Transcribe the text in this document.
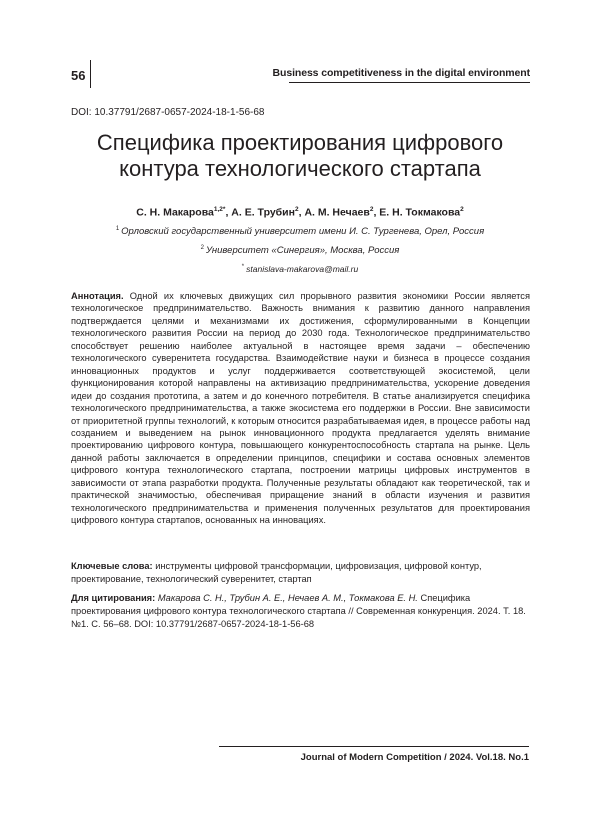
56	Business competitiveness in the digital environment
DOI: 10.37791/2687-0657-2024-18-1-56-68
Специфика проектирования цифрового контура технологического стартапа
С. Н. Макарова$^{1,2*}$, А. Е. Трубин$^2$, А. М. Нечаев$^2$, Е. Н. Токмакова$^2$
$^1$ Орловский государственный университет имени И. С. Тургенева, Орел, Россия
$^2$ Университет «Синергия», Москва, Россия
* stanislava-makarova@mail.ru

Аннотация. Одной их ключевых движущих сил прорывного развития экономики России является технологическое предпринимательство. Важность внимания к развитию данного направления подтверждается целями и механизмами их достижения, сформулированными в Концепции технологического развития России на период до 2030 года. Технологическое предпринимательство способствует решению наиболее актуальной в настоящее время задачи – обеспечению технологического суверенитета государства. Взаимодействие науки и бизнеса в процессе создания инновационных продуктов и услуг поддерживается соответствующей экосистемой, цели функционирования которой направлены на активизацию предпринимательства, ускорение доведения идеи до создания прототипа, а затем и до конечного потребителя. В статье анализируется специфика технологического предпринимательства, а также экосистема его поддержки в России. Вне зависимости от приоритетной группы технологий, к которым относится разрабатываемая идея, в процессе работы над созданием и выведением на рынок инновационного продукта предлагается уделять внимание проектированию цифрового контура, повышающего конкурентоспособность стартапа на рынке. Цель данной работы заключается в определении принципов, специфики и состава основных элементов цифрового контура технологического стартапа, построении матрицы цифровых инструментов в зависимости от этапа разработки продукта. Полученные результаты обладают как теоретической, так и практической значимостью, обеспечивая приращение знаний в области изучения и развития технологического предпринимательства и применения полученных результатов для проектирования цифрового контура стартапов, основанных на инновациях.

Ключевые слова: инструменты цифровой трансформации, цифровизация, цифровой контур, проектирование, технологический суверенитет, стартап

Для цитирования: Макарова С. Н., Трубин А. Е., Нечаев А. М., Токмакова Е. Н. Специфика проектирования цифрового контура технологического стартапа // Современная конкуренция. 2024. Т. 18. №1. С. 56–68. DOI: 10.37791/2687-0657-2024-18-1-56-68

Journal of Modern Competition / 2024. Vol.18. No.1
